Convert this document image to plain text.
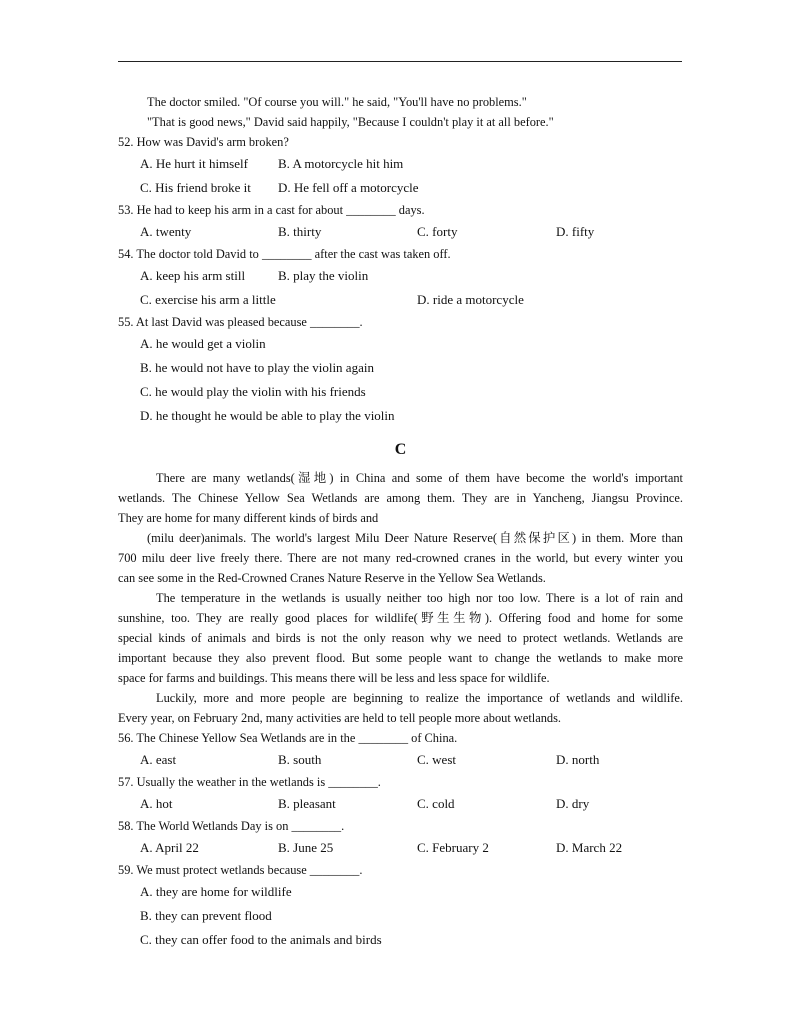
The doctor smiled. "Of course you will." he said, "You'll have no problems."

"That is good news," David said happily, "Because I couldn't play it at all before."

52. How was David's arm broken?

A. He hurt it himself B. A motorcycle hit him
C. His friend broke it D. He fell off a motorcycle

53. He had to keep his arm in a cast for about ________ days.

A. twenty	B. thirty	C. forty	D. fifty

54. The doctor told David to ________ after the cast was taken off.

A. keep his arm still	B. play the violin
C. exercise his arm a little	D. ride a motorcycle

55. At last David was pleased because ________.

A. he would get a violin
B. he would not have to play the violin again
C. he would play the violin with his friends
D. he thought he would be able to play the violin
C
There are many wetlands(湿地) in China and some of them have become the world's important
wetlands. The Chinese Yellow Sea Wetlands are among them. They are in Yancheng, Jiangsu Province.
They are home for many different kinds of birds and
(milu deer)animals. The world's largest Milu Deer Nature Reserve(自然保护区) in them. More than
700 milu deer live freely there. There are not many red-crowned cranes in the world, but every winter you
can see some in the Red-Crowned Cranes Nature Reserve in the Yellow Sea Wetlands.
The temperature in the wetlands is usually neither too high nor too low. There is a lot of rain and
sunshine, too. They are really good places for wildlife(野生生物). Offering food and home for some
special kinds of animals and birds is not the only reason why we need to protect wetlands. Wetlands are
important because they also prevent flood. But some people want to change the wetlands to make more
space for farms and buildings. This means there will be less and less space for wildlife.
Luckily, more and more people are beginning to realize the importance of wetlands and wildlife.
Every year, on February 2nd, many activities are held to tell people more about wetlands.

56. The Chinese Yellow Sea Wetlands are in the ________ of China.

A. east	B. south	C. west	D. north

57. Usually the weather in the wetlands is ________.

A. hot	B. pleasant	C. cold	D. dry

58. The World Wetlands Day is on ________.

A. April 22	B. June 25	C. February 2	D. March 22

59. We must protect wetlands because ________.

A. they are home for wildlife
B. they can prevent flood
C. they can offer food to the animals and birds
